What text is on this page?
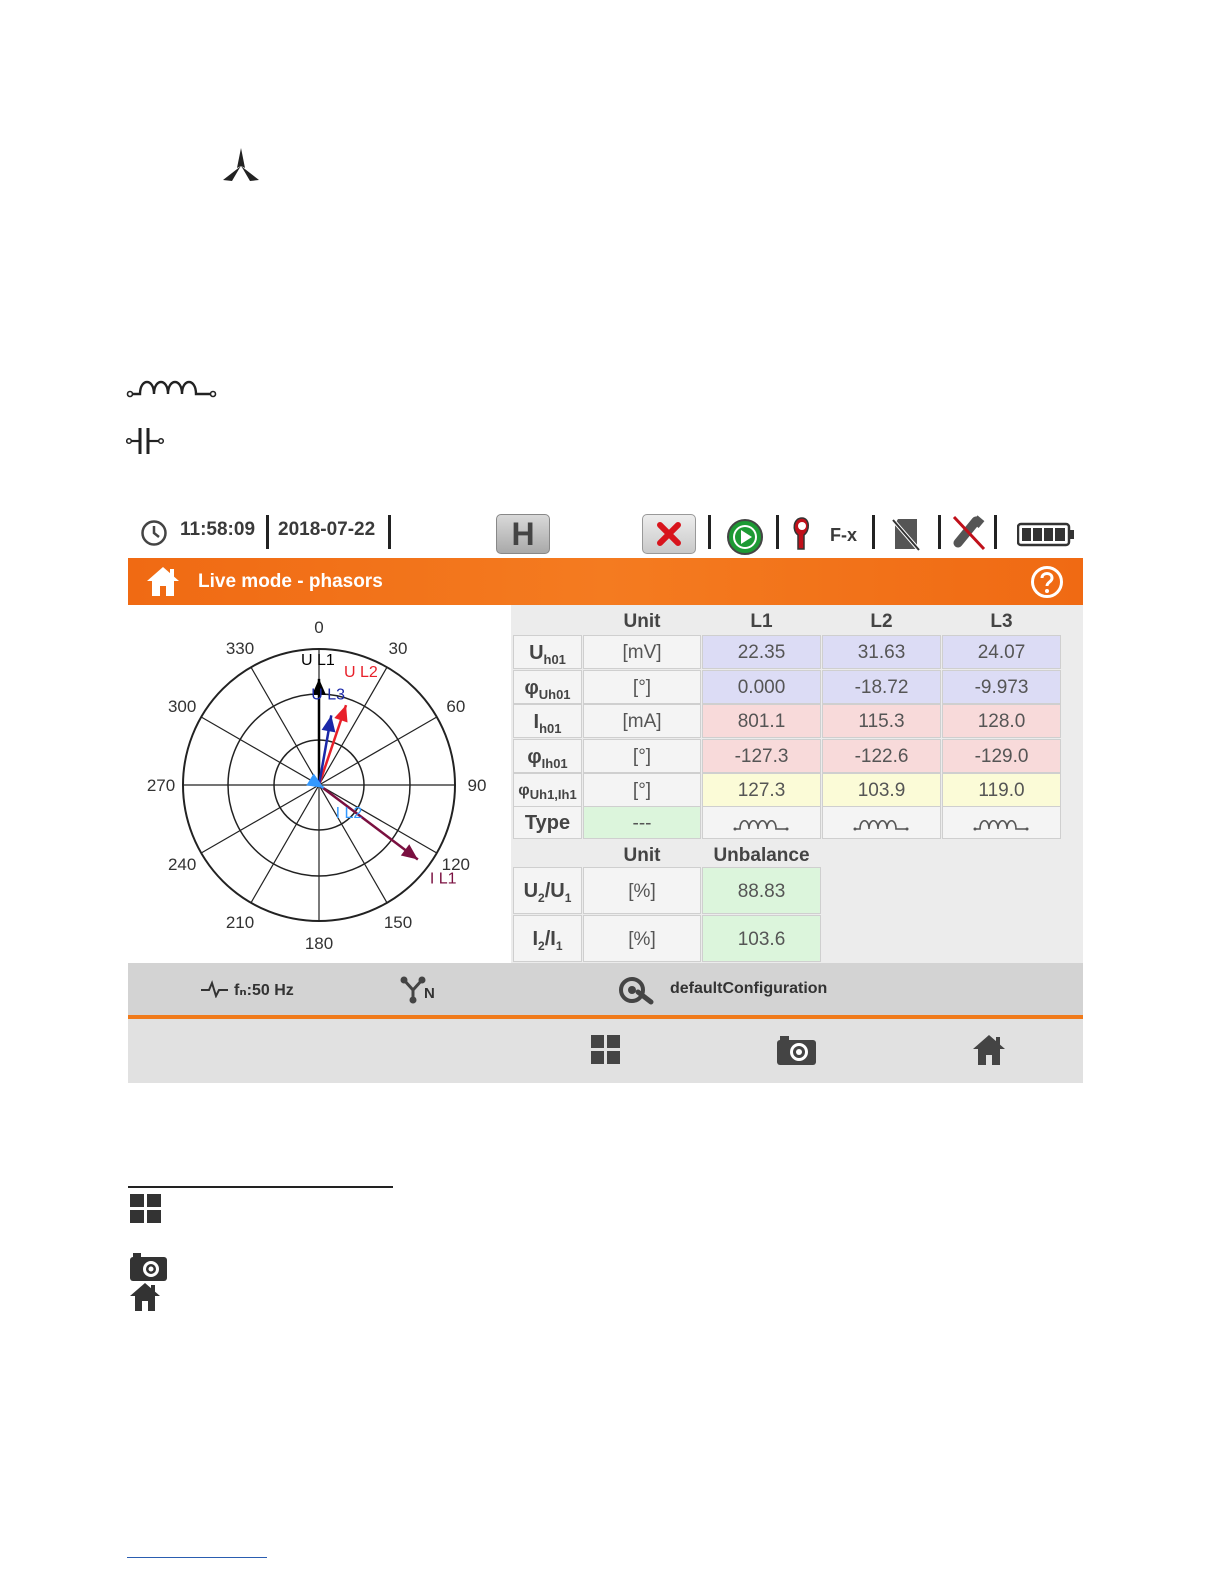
11:58:09 2018-07-22	H	F-x
Live mode - phasors
0
30
60
90
120
150
180
210
240
270
300
330
U L1
U L2
U L3
I L1
I L2
Unit	L1	L2	L3
$U_{h01}$	[mV]	22.35	31.63	24.07
$\varphi_{Uh01}$	[°]	0.000	-18.72	-9.973
$I_{h01}$	[mA]	801.1	115.3	128.0
$\varphi_{Ih01}$	[°]	-127.3	-122.6	-129.0
$\varphi_{Uh1,Ih1}$	[°]	127.3	103.9	119.0
Type	---
Unit	Unbalance
$U_2/U_1$	[%]	88.83
$I_2/I_1$	[%]	103.6
fₙ:50 Hz	N	defaultConfiguration
